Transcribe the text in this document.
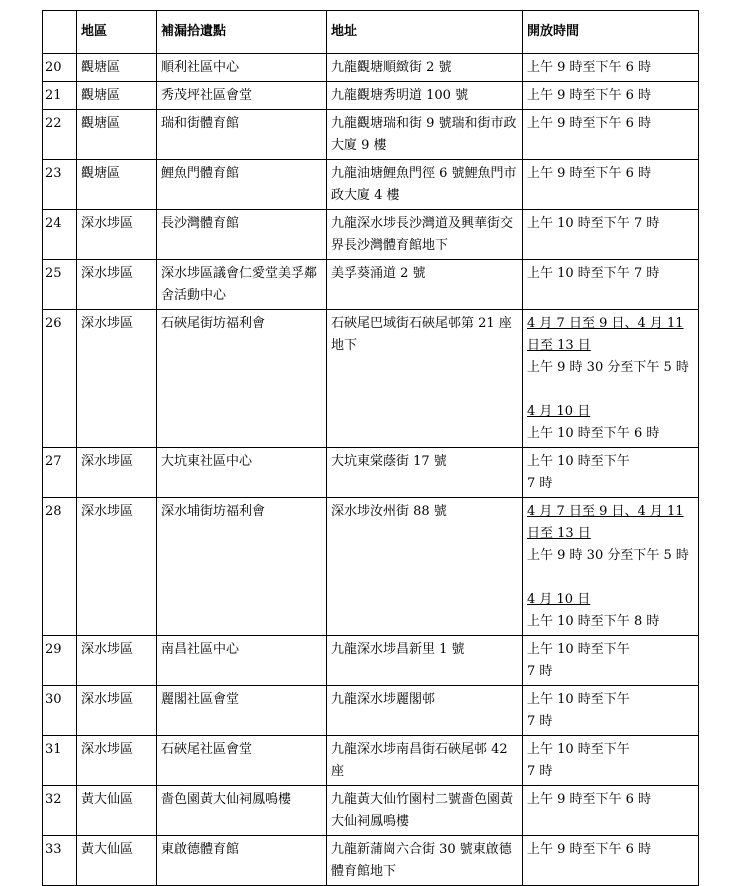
	地區	補漏拾遺點	地址	開放時間
20	觀塘區	順利社區中心	九龍觀塘順緻街 2 號	上午 9 時至下午 6 時

21	觀塘區	秀茂坪社區會堂	九龍觀塘秀明道 100 號	上午 9 時至下午 6 時

22	觀塘區	瑞和街體育館	九龍觀塘瑞和街 9 號瑞和街市政大廈 9 樓	上午 9 時至下午 6 時

23	觀塘區	鯉魚門體育館	九龍油塘鯉魚門徑 6 號鯉魚門市政大廈 4 樓	上午 9 時至下午 6 時

24	深水埗區	長沙灣體育館	九龍深水埗長沙灣道及興華街交界長沙灣體育館地下	上午 10 時至下午 7 時

25	深水埗區	深水埗區議會仁愛堂美孚鄰舍活動中心	美孚葵涌道 2 號	上午 10 時至下午 7 時

26	深水埗區	石硤尾街坊福利會	石硤尾巴域街石硤尾邨第 21 座地下	4 月 7 日至 9 日、4 月 11 日至 13 日
上午 9 時 30 分至下午 5 時
4 月 10 日
上午 10 時至下午 6 時

27	深水埗區	大坑東社區中心	大坑東棠蔭街 17 號	上午 10 時至下午
7 時

28	深水埗區	深水埔街坊福利會	深水埗汝州街 88 號	4 月 7 日至 9 日、4 月 11 日至 13 日
上午 9 時 30 分至下午 5 時
4 月 10 日
上午 10 時至下午 8 時

29	深水埗區	南昌社區中心	九龍深水埗昌新里 1 號	上午 10 時至下午
7 時

30	深水埗區	麗閣社區會堂	九龍深水埗麗閣邨	上午 10 時至下午
7 時

31	深水埗區	石硤尾社區會堂	九龍深水埗南昌街石硤尾邨 42 座	上午 10 時至下午
7 時

32	黃大仙區	嗇色園黃大仙祠鳳鳴樓	九龍黃大仙竹園村二號嗇色園黃大仙祠鳳鳴樓	上午 9 時至下午 6 時

33	黃大仙區	東啟德體育館	九龍新蒲崗六合街 30 號東啟德體育館地下	上午 9 時至下午 6 時
